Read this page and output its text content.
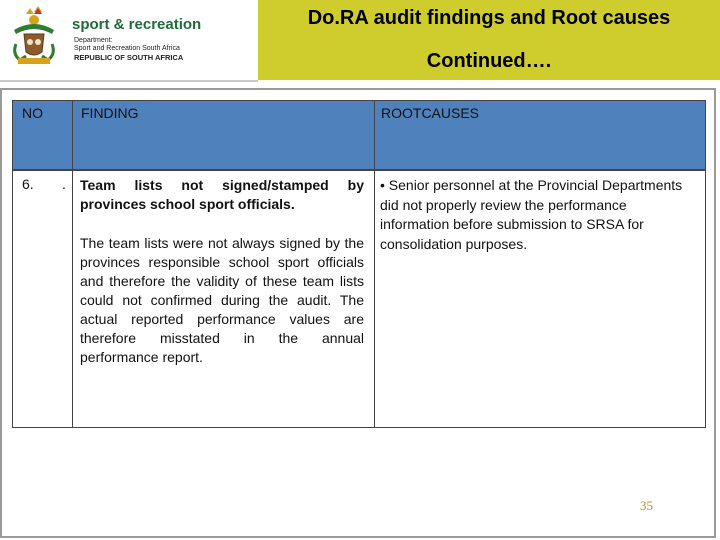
sport & recreation
Department:
Sport and Recreation South Africa
REPUBLIC OF SOUTH AFRICA
Do.RA audit findings and Root causes
Continued….
NO	FINDING	ROOTCAUSES
6. . Team lists not signed/stamped by provinces school sport officials.
The team lists were not always signed by the provinces responsible school sport officials and therefore the validity of these team lists could not confirmed during the audit. The actual reported performance values are therefore misstated in the annual performance report.
• Senior personnel at the Provincial Departments did not properly review the performance information before submission to SRSA for consolidation purposes.
35
